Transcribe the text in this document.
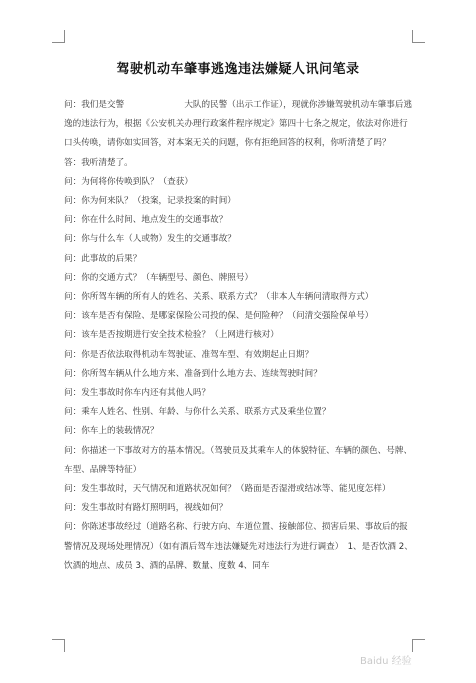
驾驶机动车肇事逃逸违法嫌疑人讯问笔录

问：我们是交警　　　　　　　大队的民警（出示工作证），现就你涉嫌驾驶机动车肇事后逃逸的违法行为，根据《公安机关办理行政案件程序规定》第四十七条之规定，依法对你进行口头传唤，请你如实回答，对本案无关的问题，你有拒绝回答的权利，你听清楚了吗？

答：我听清楚了。

问：为何将你传唤到队？（查获）

问：你为何来队？（投案，记录投案的时间）

问：你在什么时间、地点发生的交通事故？

问：你与什么车（人或物）发生的交通事故？

问：此事故的后果？

问：你的交通方式？（车辆型号、颜色、牌照号）

问：你所驾车辆的所有人的姓名、关系、联系方式？（非本人车辆问清取得方式）

问：该车是否有保险、是哪家保险公司投的保、是何险种？（问清交强险保单号）

问：该车是否按期进行安全技术检验？（上网进行核对）

问：你是否依法取得机动车驾驶证、准驾车型、有效期起止日期？

问：你所驾车辆从什么地方来、准备到什么地方去、连续驾驶时间？

问：发生事故时你车内还有其他人吗？

问：乘车人姓名、性别、年龄、与你什么关系、联系方式及乘坐位置？

问：你车上的装载情况？

问：你描述一下事故对方的基本情况。（驾驶员及其乘车人的体貌特征、车辆的颜色、号牌、车型、品牌等特征）

问：发生事故时，天气情况和道路状况如何？（路面是否湿滑或结冰等、能见度怎样）

问：发生事故时有路灯照明吗，视线如何？

问：你陈述事故经过（道路名称、行驶方向、车道位置、接触部位、损害后果、事故后的报警情况及现场处理情况）（如有酒后驾车违法嫌疑先对违法行为进行调查）　1、是否饮酒 2、饮酒的地点、成员 3、酒的品牌、数量、度数 4、同车

Baidu 经验
